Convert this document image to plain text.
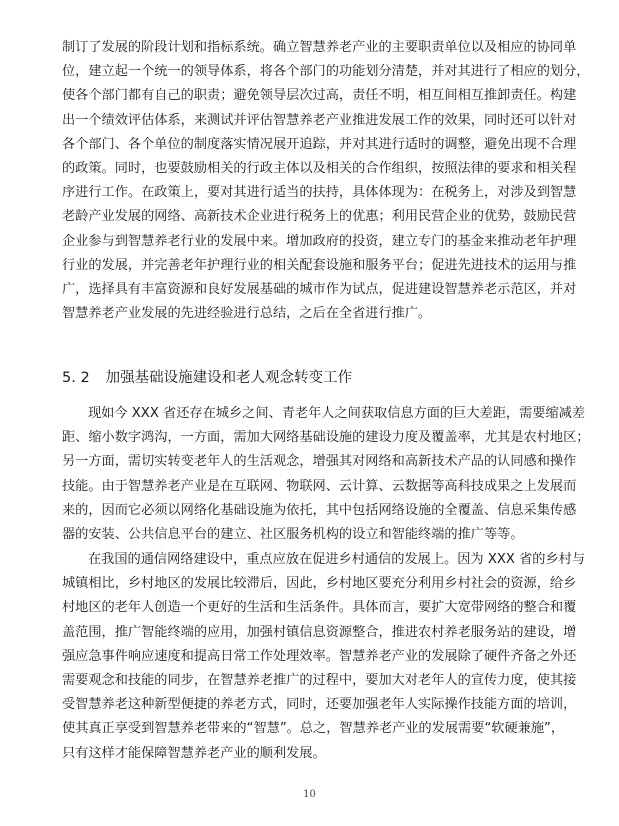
制订了发展的阶段计划和指标系统。确立智慧养老产业的主要职责单位以及相应的协同单
位，建立起一个统一的领导体系，将各个部门的功能划分清楚，并对其进行了相应的划分，
使各个部门都有自己的职责；避免领导层次过高，责任不明，相互间相互推卸责任。构建
出一个绩效评估体系，来测试并评估智慧养老产业推进发展工作的效果，同时还可以针对
各个部门、各个单位的制度落实情况展开追踪，并对其进行适时的调整，避免出现不合理
的政策。同时，也要鼓励相关的行政主体以及相关的合作组织，按照法律的要求和相关程
序进行工作。在政策上，要对其进行适当的扶持，具体体现为：在税务上，对涉及到智慧
老龄产业发展的网络、高新技术企业进行税务上的优惠；利用民营企业的优势，鼓励民营
企业参与到智慧养老行业的发展中来。增加政府的投资，建立专门的基金来推动老年护理
行业的发展，并完善老年护理行业的相关配套设施和服务平台；促进先进技术的运用与推
广，选择具有丰富资源和良好发展基础的城市作为试点，促进建设智慧养老示范区，并对
智慧养老产业发展的先进经验进行总结，之后在全省进行推广。
5. 2 加强基础设施建设和老人观念转变工作
现如今 XXX 省还存在城乡之间、青老年人之间获取信息方面的巨大差距，需要缩减差
距、缩小数字鸿沟，一方面，需加大网络基础设施的建设力度及覆盖率，尤其是农村地区；
另一方面，需切实转变老年人的生活观念，增强其对网络和高新技术产品的认同感和操作
技能。由于智慧养老产业是在互联网、物联网、云计算、云数据等高科技成果之上发展而
来的，因而它必须以网络化基础设施为依托，其中包括网络设施的全覆盖、信息采集传感
器的安装、公共信息平台的建立、社区服务机构的设立和智能终端的推广等等。
在我国的通信网络建设中，重点应放在促进乡村通信的发展上。因为 XXX 省的乡村与
城镇相比，乡村地区的发展比较滞后，因此，乡村地区要充分利用乡村社会的资源，给乡
村地区的老年人创造一个更好的生活和生活条件。具体而言，要扩大宽带网络的整合和覆
盖范围，推广智能终端的应用，加强村镇信息资源整合，推进农村养老服务站的建设，增
强应急事件响应速度和提高日常工作处理效率。智慧养老产业的发展除了硬件齐备之外还
需要观念和技能的同步，在智慧养老推广的过程中，要加大对老年人的宣传力度，使其接
受智慧养老这种新型便捷的养老方式，同时，还要加强老年人实际操作技能方面的培训，
使其真正享受到智慧养老带来的“智慧”。总之，智慧养老产业的发展需要“软硬兼施”，
只有这样才能保障智慧养老产业的顺利发展。
10
